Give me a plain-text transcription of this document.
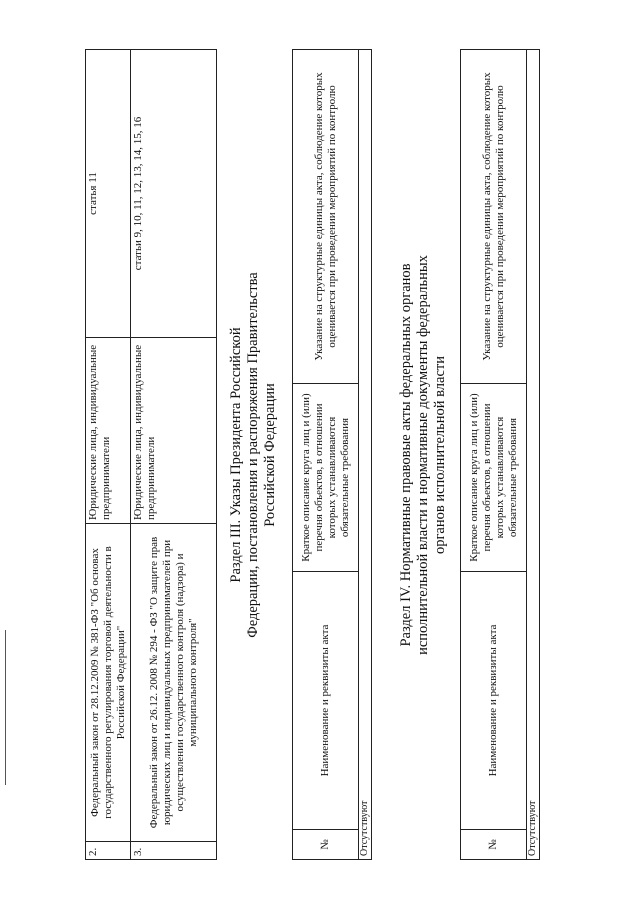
2.	Федеральный закон от 28.12.2009 № 381-ФЗ "Об основах государственного регулирования торговой деятельности в Российской Федерации"	Юридические лица, индивидуальные предприниматели	статья 11
3.	Федеральный закон от 26.12. 2008 № 294 - ФЗ "О защите прав юридических лиц и индивидуальных предпринимателей при осуществлении государственного контроля (надзора) и муниципального контроля"	Юридические лица, индивидуальные предприниматели	статьи 9, 10, 11, 12, 13, 14, 15, 16
Раздел III. Указы Президента Российской Федерации, постановления и распоряжения Правительства Российской Федерации
№	Наименование и реквизиты акта	Краткое описание круга лиц и (или) перечня объектов, в отношении которых устанавливаются обязательные требования	Указание на структурные единицы акта, соблюдение которых оценивается при проведении мероприятий по контролю
Отсутствуют
Раздел IV. Нормативные правовые акты федеральных органов исполнительной власти и нормативные документы федеральных органов исполнительной власти
№	Наименование и реквизиты акта	Краткое описание круга лиц и (или) перечня объектов, в отношении которых устанавливаются обязательные требования	Указание на структурные единицы акта, соблюдение которых оценивается при проведении мероприятий по контролю
Отсутствуют
